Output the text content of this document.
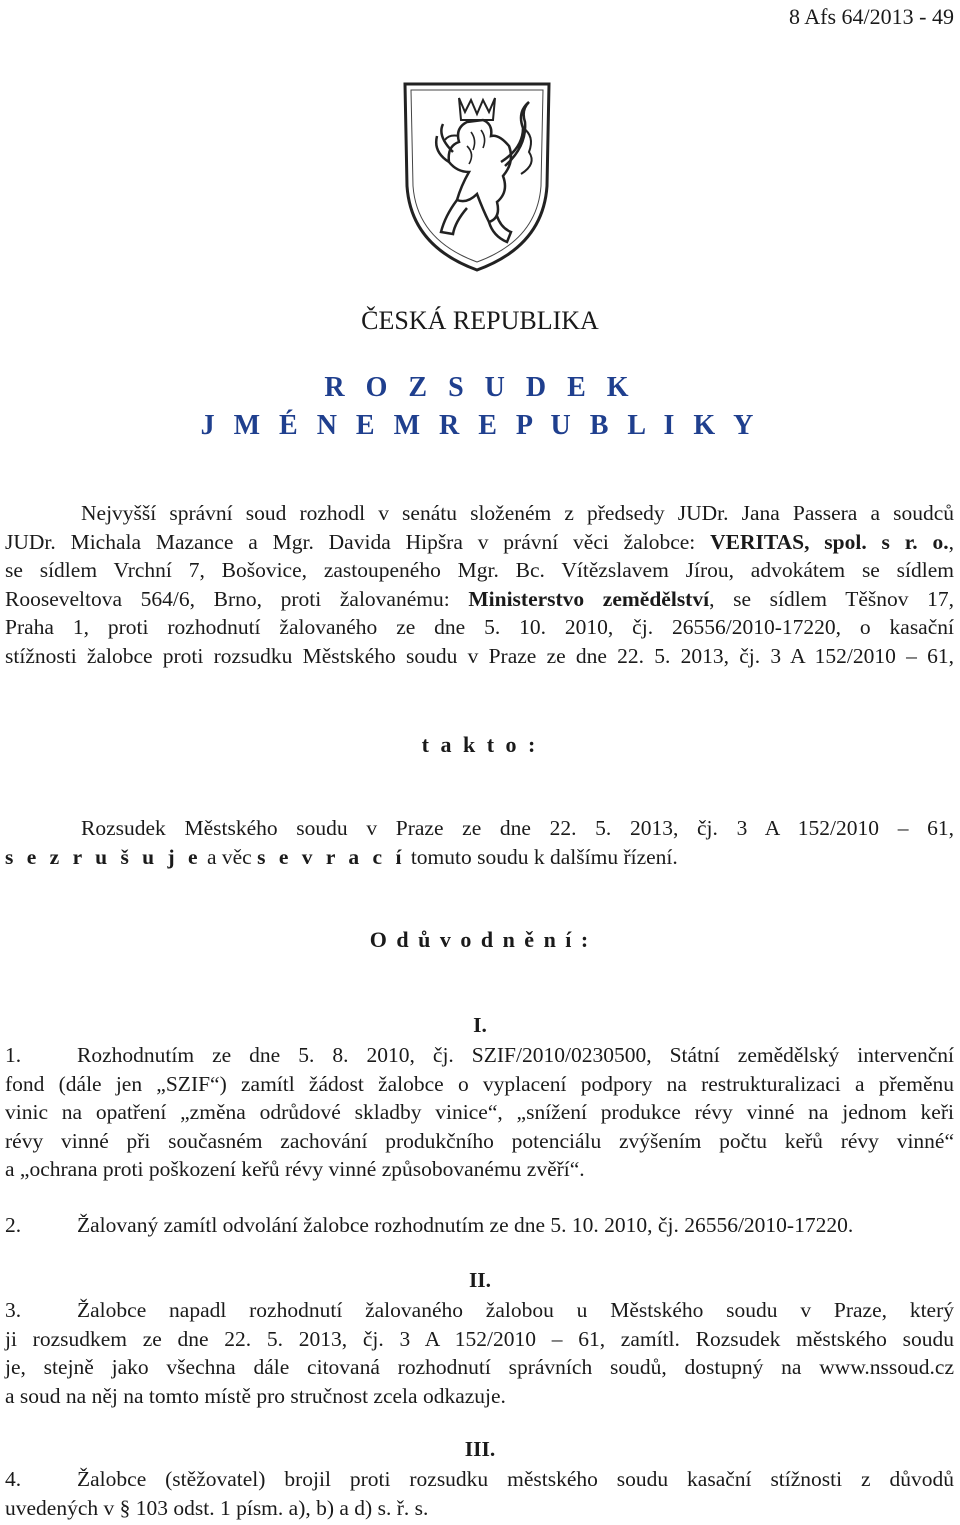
8 Afs 64/2013 - 49
ČESKÁ REPUBLIKA
R O Z S U D E K
J M É N E M R E P U B L I K Y
Nejvyšší správní soud rozhodl v senátu složeném z předsedy JUDr. Jana Passera a soudců
JUDr. Michala Mazance a Mgr. Davida Hipšra v právní věci žalobce: VERITAS, spol. s r. o.,
se sídlem Vrchní 7, Bošovice, zastoupeného Mgr. Bc. Vítězslavem Jírou, advokátem se sídlem
Rooseveltova 564/6, Brno, proti žalovanému: Ministerstvo zemědělství, se sídlem Těšnov 17,
Praha 1, proti rozhodnutí žalovaného ze dne 5. 10. 2010, čj. 26556/2010-17220, o kasační
stížnosti žalobce proti rozsudku Městského soudu v Praze ze dne 22. 5. 2013, čj. 3 A 152/2010 – 61,
t a k t o :
Rozsudek Městského soudu v Praze ze dne 22. 5. 2013, čj. 3 A 152/2010 – 61,
s e z r u š u j e a věc s e v r a c í tomuto soudu k dalšímu řízení.
O d ů v o d n ě n í :
I.
1.	Rozhodnutím ze dne 5. 8. 2010, čj. SZIF/2010/0230500, Státní zemědělský intervenční
fond (dále jen „SZIF“) zamítl žádost žalobce o vyplacení podpory na restrukturalizaci a přeměnu
vinic na opatření „změna odrůdové skladby vinice“, „snížení produkce révy vinné na jednom keři
révy vinné při současném zachování produkčního potenciálu zvýšením počtu keřů révy vinné“
a „ochrana proti poškození keřů révy vinné způsobovanému zvěří“.
2.	Žalovaný zamítl odvolání žalobce rozhodnutím ze dne 5. 10. 2010, čj. 26556/2010-17220.
II.
3.	Žalobce napadl rozhodnutí žalovaného žalobou u Městského soudu v Praze, který
ji rozsudkem ze dne 22. 5. 2013, čj. 3 A 152/2010 – 61, zamítl. Rozsudek městského soudu
je, stejně jako všechna dále citovaná rozhodnutí správních soudů, dostupný na www.nssoud.cz
a soud na něj na tomto místě pro stručnost zcela odkazuje.
III.
4.	Žalobce (stěžovatel) brojil proti rozsudku městského soudu kasační stížnosti z důvodů
uvedených v § 103 odst. 1 písm. a), b) a d) s. ř. s.
